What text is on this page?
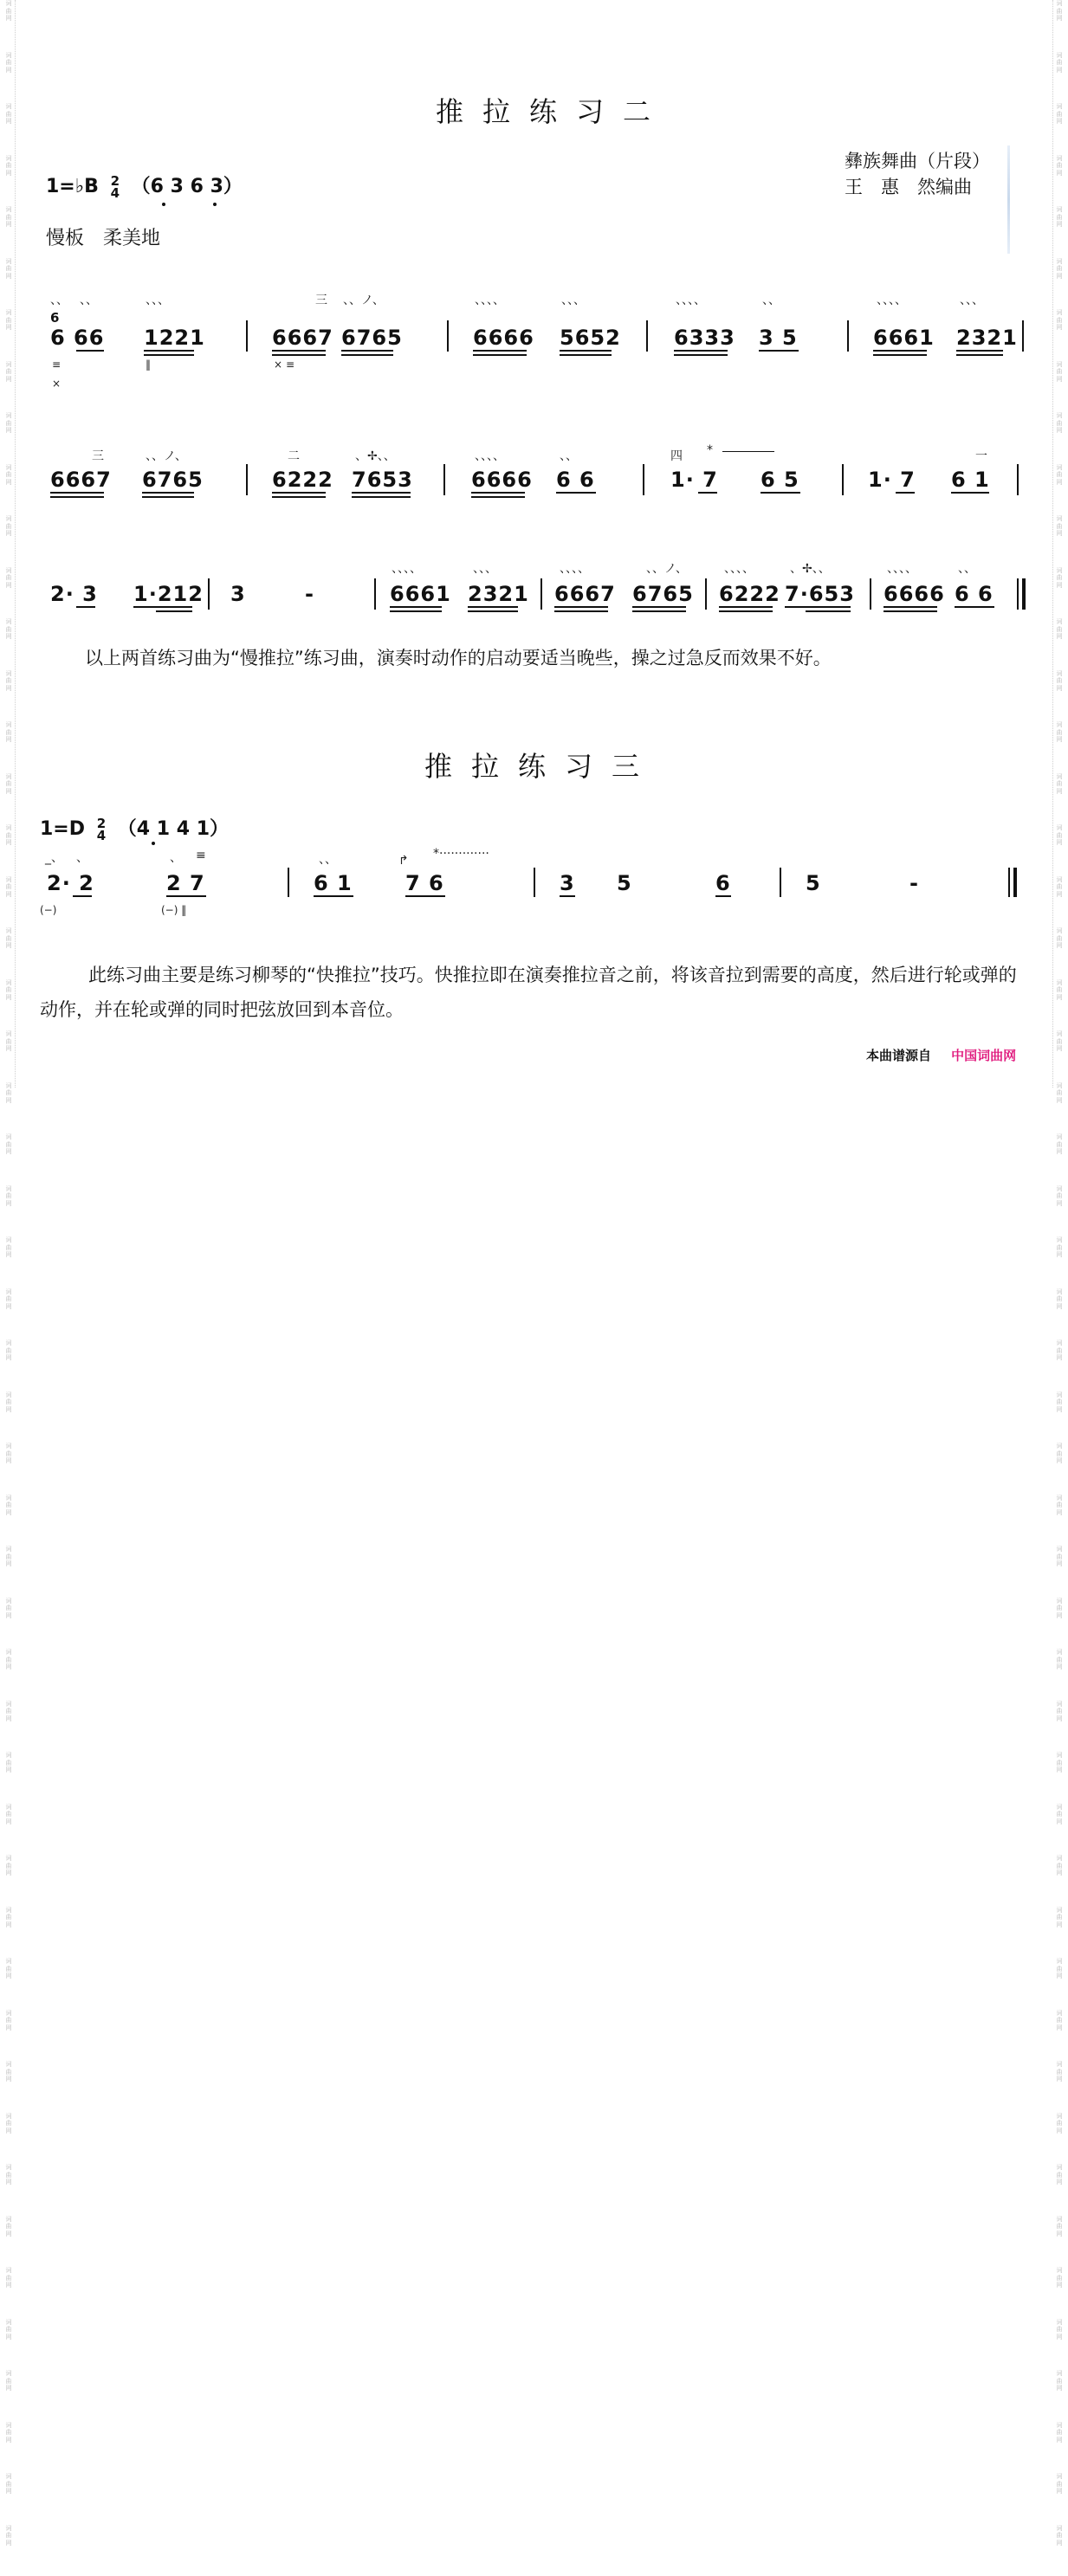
词
曲
网
词
曲
网
词
曲
网
词
曲
网
词
曲
网
词
曲
网
词
曲
网
词
曲
网
词
曲
网
词
曲
网
词
曲
网
词
曲
网
词
曲
网
词
曲
网
词
曲
网
词
曲
网
词
曲
网
词
曲
网
词
曲
网
词
曲
网
词
曲
网
词
曲
网
词
曲
网
词
曲
网
词
曲
网
词
曲
网
词
曲
网
词
曲
网
词
曲
网
词
曲
网
词
曲
网
词
曲
网
词
曲
网
词
曲
网
词
曲
网
词
曲
网
词
曲
网
词
曲
网
词
曲
网
词
曲
网
词
曲
网
词
曲
网
词
曲
网
词
曲
网
词
曲
网
词
曲
网
词
曲
网
词
曲
网
词
曲
网
词
曲
网
词
曲
网
词
曲
网
词
曲
网
词
曲
网
词
曲
网
词
曲
网
词
曲
网
词
曲
网
词
曲
网
词
曲
网
词
曲
网
词
曲
网
词
曲
网
词
曲
网
词
曲
网
词
曲
网
词
曲
网
词
曲
网
词
曲
网
词
曲
网
词
曲
网
词
曲
网
词
曲
网
词
曲
网
词
曲
网
词
曲
网
词
曲
网
词
曲
网
词
曲
网
词
曲
网
词
曲
网
词
曲
网
词
曲
网
词
曲
网
词
曲
网
词
曲
网
词
曲
网
词
曲
网
词
曲
网
词
曲
网
词
曲
网
词
曲
网
词
曲
网
词
曲
网
词
曲
网
词
曲
网
词
曲
网
词
曲
网
词
曲
网
词
曲
网
推拉练习二
彝族舞曲（片段）
王　惠　然编曲
1=♭B 2
4 （6 3 6 3）
慢板　柔美地
、、 、、	、、、	三 、、ノ、	、、、、	、、、	、、、、	、、	、、、、	、、、
6
6 66 1221	6667 6765	6666 5652	6333 3 5	6661 2321
≡
×
‖	× ≡
三	、、ノ、	二	、✢、、	、、、、	、、	四 *	一
6667 6765	6222 7653	6666 6 6	1· 7 6 5	1· 7 6 1
、、、、	、、、	、、、、	、、ノ、	、、、、	、✢、、	、、、、	、、
2· 3 1·212 3	-	6661 2321 6667 6765 6222 7·653 6666 6 6
以上两首练习曲为“慢推拉”练习曲，演奏时动作的启动要适当晚些，操之过急反而效果不好。
推拉练习三
1=D 2
4 （4 1 4 1）
_、 、	、 ≡	、、	↱ *·············
2· 2	2 7	6 1	7 6	3 5	6	5	-
(−)	(−) ‖
此练习曲主要是练习柳琴的“快推拉”技巧。快推拉即在演奏推拉音之前，将该音拉到需要的高度，然后进行轮或弹的动作，并在轮或弹的同时把弦放回到本音位。
本曲谱源自 中国词曲网
